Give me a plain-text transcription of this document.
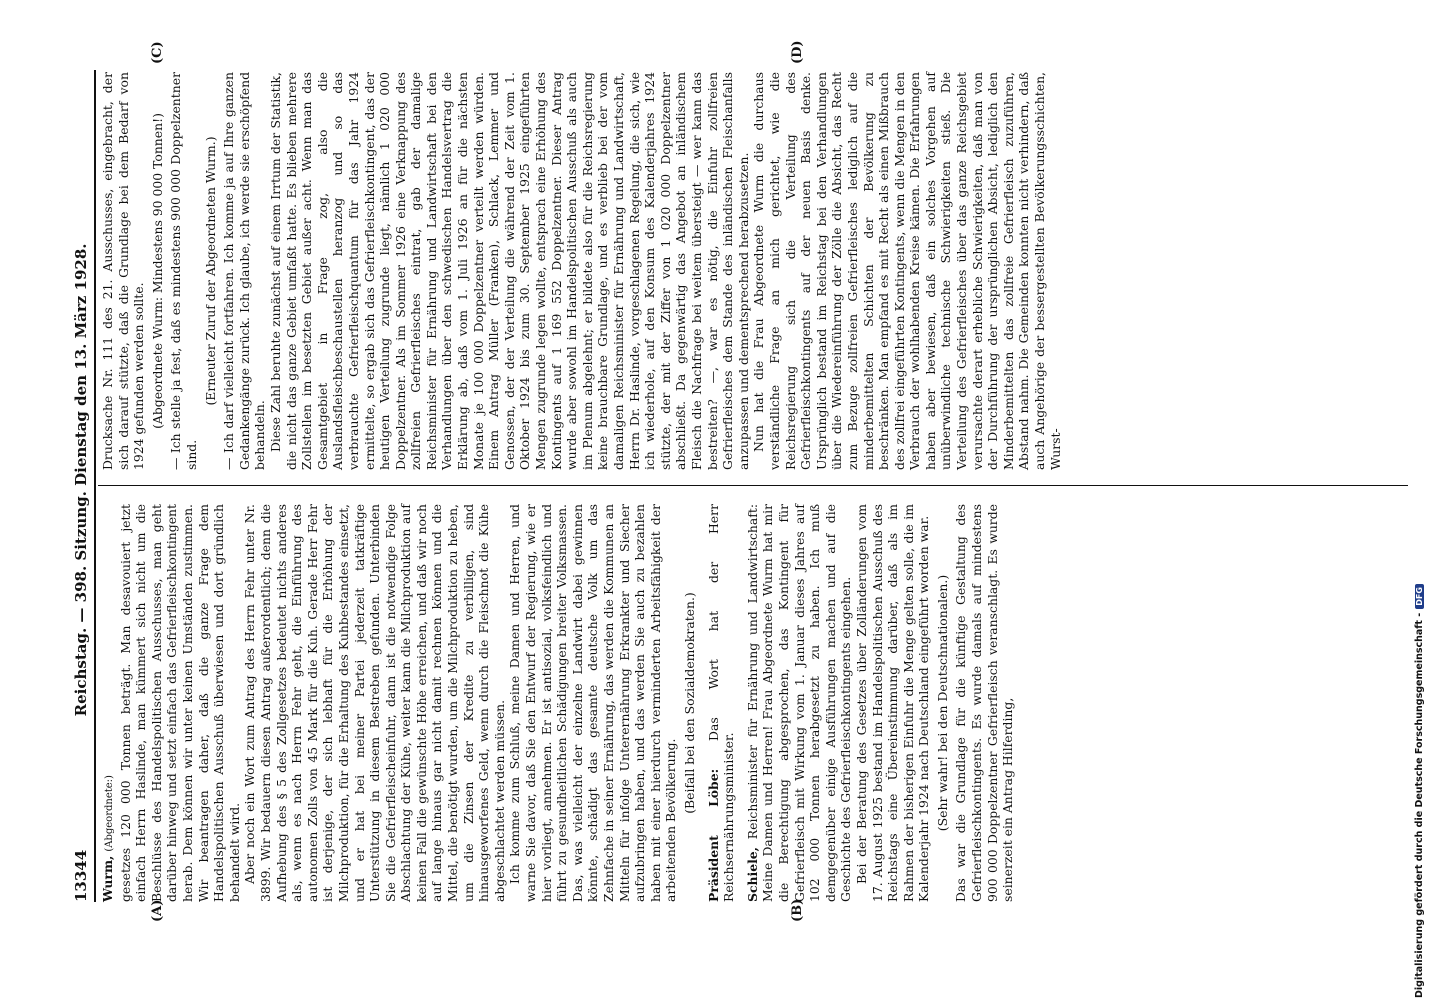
13344
Reichstag. — 398. Sitzung. Dienstag den 13. März 1928.
(A)	(B)
(C)	(D)

Wurm, (Abgeordnete:) gesetzes 120 000 Tonnen beträgt. Man desavouiert jetzt einfach Herrn Haslinde, man kümmert sich nicht um die Beschlüsse des Handelspolitischen Ausschusses, man geht darüber hinweg und setzt einfach das Gefrierfleischkontingent herab. Dem können wir unter keinen Umständen zustimmen. Wir beantragen daher, daß die ganze Frage dem Handelspolitischen Ausschuß überwiesen und dort gründlich behandelt wird. Aber noch ein Wort zum Antrag des Herrn Fehr unter Nr. 3899. Wir bedauern diesen Antrag außerordentlich; denn die Aufhebung des § 5 des Zollgesetzes bedeutet nichts anderes als, wenn es nach Herrn Fehr geht, die Einführung des autonomen Zolls von 45 Mark für die Kuh. Gerade Herr Fehr ist derjenige, der sich lebhaft für die Erhöhung der Milchproduktion, für die Erhaltung des Kuhbestandes einsetzt, und er hat bei meiner Partei jederzeit tatkräftige Unterstützung in diesem Bestreben gefunden. Unterbinden Sie die Gefrierfleischeinfuhr, dann ist die notwendige Folge Abschlachtung der Kühe, weiter kann die Milchproduktion auf keinen Fall die gewünschte Höhe erreichen, und daß wir noch auf lange hinaus gar nicht damit rechnen können und die Mittel, die benötigt wurden, um die Milchproduktion zu heben, um die Zinsen der Kredite zu verbilligen, sind hinausgeworfenes Geld, wenn durch die Fleischnot die Kühe abgeschlachtet werden müssen. Ich komme zum Schluß, meine Damen und Herren, und warne Sie davor, daß Sie den Entwurf der Regierung, wie er hier vorliegt, annehmen. Er ist antisozial, volksfeindlich und führt zu gesundheitlichen Schädigungen breiter Volksmassen. Das, was vielleicht der einzelne Landwirt dabei gewinnen könnte, schädigt das gesamte deutsche Volk um das Zehnfache in seiner Ernährung, das werden die Kommunen an Mitteln für infolge Unterernährung Erkrankter und Siecher aufzubringen haben, und das werden Sie auch zu bezahlen haben mit einer hierdurch verminderten Arbeitsfähigkeit der arbeitenden Bevölkerung.

(Beifall bei den Sozialdemokraten.)

Präsident Löbe: Das Wort hat der Herr Reichsernährungsminister. Schiele, Reichsminister für Ernährung und Landwirtschaft: Meine Damen und Herren! Frau Abgeordnete Wurm hat mir die Berechtigung abgesprochen, das Kontingent für Gefrierfleisch mit Wirkung vom 1. Januar dieses Jahres auf 102 000 Tonnen herabgesetzt zu haben. Ich muß demgegenüber einige Ausführungen machen und auf die Geschichte des Gefrierfleischkontingents eingehen. Bei der Beratung des Gesetzes über Zolländerungen vom 17. August 1925 bestand im Handelspolitischen Ausschuß des Reichstags eine Übereinstimmung darüber, daß als im Rahmen der bisherigen Einfuhr die Menge gelten solle, die im Kalenderjahr 1924 nach Deutschland eingeführt worden war. (Sehr wahr! bei den Deutschnationalen.) Das war die Grundlage für die künftige Gestaltung des Gefrierfleischkontingents. Es wurde damals auf mindestens 900 000 Doppelzentner Gefrierfleisch veranschlagt. Es wurde seinerzeit ein Antrag Hilferding,

Drucksache Nr. 111 des 21. Ausschusses, eingebracht, der sich darauf stützte, daß die Grundlage bei dem Bedarf von 1924 gefunden werden sollte. (Abgeordnete Wurm: Mindestens 90 000 Tonnen!) — Ich stelle ja fest, daß es mindestens 900 000 Doppelzentner sind.

(Erneuter Zuruf der Abgeordneten Wurm.) — Ich darf vielleicht fortfahren. Ich komme ja auf Ihre ganzen Gedankengänge zurück. Ich glaube, ich werde sie erschöpfend behandeln. Diese Zahl beruhte zunächst auf einem Irrtum der Statistik, die nicht das ganze Gebiet umfaßt hatte. Es blieben mehrere Zollstellen im besetzten Gebiet außer acht. Wenn man das Gesamtgebiet in Frage zog, also die Auslandsfleischbeschaustellen heranzog und so das verbrauchte Gefrierfleischquantum für das Jahr 1924 ermittelte, so ergab sich das Gefrierfleischkontingent, das der heutigen Verteilung zugrunde liegt, nämlich 1 020 000 Doppelzentner. Als im Sommer 1926 eine Verknappung des zollfreien Gefrierfleisches eintrat, gab der damalige Reichsminister für Ernährung und Landwirtschaft bei den Verhandlungen über den schwedischen Handelsvertrag die Erklärung ab, daß vom 1. Juli 1926 an für die nächsten Monate je 100 000 Doppelzentner verteilt werden würden. Einem Antrag Müller (Franken), Schlack, Lemmer und Genossen, der der Verteilung die während der Zeit vom 1. Oktober 1924 bis zum 30. September 1925 eingeführten Mengen zugrunde legen wollte, entsprach eine Erhöhung des Kontingents auf 1 169 552 Doppelzentner. Dieser Antrag wurde aber sowohl im Handelspolitischen Ausschuß als auch im Plenum abgelehnt; er bildete also für die Reichsregierung keine brauchbare Grundlage, und es verblieb bei der vom damaligen Reichsminister für Ernährung und Landwirtschaft, Herrn Dr. Haslinde, vorgeschlagenen Regelung, die sich, wie ich wiederhole, auf den Konsum des Kalenderjahres 1924 stützte, der mit der Ziffer von 1 020 000 Doppelzentner abschließt. Da gegenwärtig das Angebot an inländischem Fleisch die Nachfrage bei weitem übersteigt — wer kann das bestreiten? —, war es nötig, die Einfuhr zollfreien Gefrierfleisches dem Stande des inländischen Fleischanfalls anzupassen und dementsprechend herabzusetzen. Nun hat die Frau Abgeordnete Wurm die durchaus verständliche Frage an mich gerichtet, wie die Reichsregierung sich die Verteilung des Gefrierfleischkontingents auf der neuen Basis denke. Ursprünglich bestand im Reichstag bei den Verhandlungen über die Wiedereinführung der Zölle die Absicht, das Recht zum Bezuge zollfreien Gefrierfleisches lediglich auf die minderbemittelten Schichten der Bevölkerung zu beschränken. Man empfand es mit Recht als einen Mißbrauch des zollfrei eingeführten Kontingents, wenn die Mengen in den Verbrauch der wohlhabenden Kreise kämen. Die Erfahrungen haben aber bewiesen, daß ein solches Vorgehen auf unüberwindliche technische Schwierigkeiten stieß. Die Verteilung des Gefrierfleisches über das ganze Reichsgebiet verursachte derart erhebliche Schwierigkeiten, daß man von der Durchführung der ursprünglichen Absicht, lediglich den Minderbemittelten das zollfreie Gefrierfleisch zuzuführen, Abstand nahm. Die Gemeinden konnten nicht verhindern, daß auch Angehörige der bessergestellten Bevölkerungsschichten, Wurst-

Digitalisierung gefördert durch die Deutsche Forschungsgemeinschaft -
DFG
